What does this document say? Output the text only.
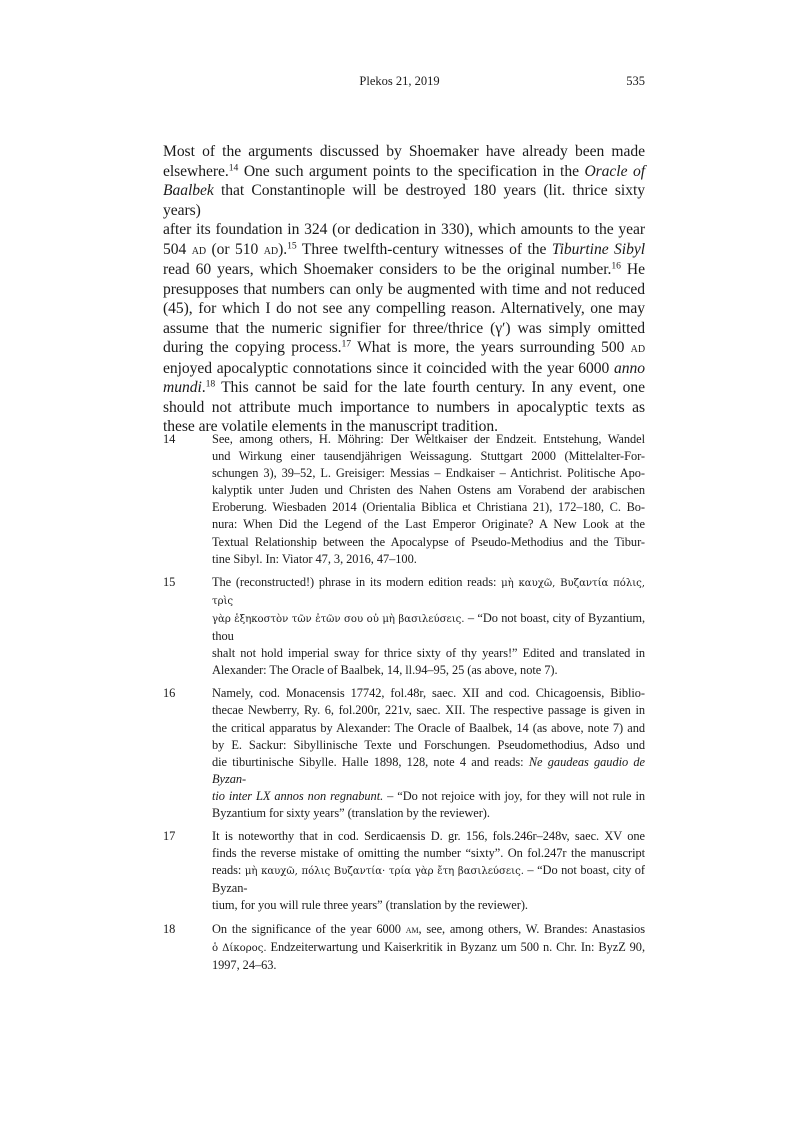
Plekos 21, 2019	535
Most of the arguments discussed by Shoemaker have already been made
elsewhere.$^{14}$ One such argument points to the specification in the Oracle of
Baalbek that Constantinople will be destroyed 180 years (lit. thrice sixty years)
after its foundation in 324 (or dedication in 330), which amounts to the year
504 ad (or 510 ad).$^{15}$ Three twelfth-century witnesses of the Tiburtine Sibyl
read 60 years, which Shoemaker considers to be the original number.$^{16}$ He
presupposes that numbers can only be augmented with time and not reduced
(45), for which I do not see any compelling reason. Alternatively, one may
assume that the numeric signifier for three/thrice (γʹ) was simply omitted
during the copying process.$^{17}$ What is more, the years surrounding 500 ad
enjoyed apocalyptic connotations since it coincided with the year 6000 anno
mundi.$^{18}$ This cannot be said for the late fourth century. In any event, one
should not attribute much importance to numbers in apocalyptic texts as
these are volatile elements in the manuscript tradition.
14	See, among others, H. Möhring: Der Weltkaiser der Endzeit. Entstehung, Wandel
und Wirkung einer tausendjährigen Weissagung. Stuttgart 2000 (Mittelalter-For-
schungen 3), 39–52, L. Greisiger: Messias – Endkaiser – Antichrist. Politische Apo-
kalyptik unter Juden und Christen des Nahen Ostens am Vorabend der arabischen
Eroberung. Wiesbaden 2014 (Orientalia Biblica et Christiana 21), 172–180, C. Bo-
nura: When Did the Legend of the Last Emperor Originate? A New Look at the
Textual Relationship between the Apocalypse of Pseudo-Methodius and the Tibur-
tine Sibyl. In: Viator 47, 3, 2016, 47–100.
15	The (reconstructed!) phrase in its modern edition reads: μὴ καυχῶ, Βυζαντία πόλις, τρὶς
γὰρ ἑξηκοστὸν τῶν ἐτῶν σου οὐ μὴ βασιλεύσεις. – “Do not boast, city of Byzantium, thou
shalt not hold imperial sway for thrice sixty of thy years!” Edited and translated in
Alexander: The Oracle of Baalbek, 14, ll.94–95, 25 (as above, note 7).
16	Namely, cod. Monacensis 17742, fol.48r, saec. XII and cod. Chicagoensis, Biblio-
thecae Newberry, Ry. 6, fol.200r, 221v, saec. XII. The respective passage is given in
the critical apparatus by Alexander: The Oracle of Baalbek, 14 (as above, note 7) and
by E. Sackur: Sibyllinische Texte und Forschungen. Pseudomethodius, Adso und
die tiburtinische Sibylle. Halle 1898, 128, note 4 and reads: Ne gaudeas gaudio de Byzan-
tio inter LX annos non regnabunt. – “Do not rejoice with joy, for they will not rule in
Byzantium for sixty years” (translation by the reviewer).
17	It is noteworthy that in cod. Serdicaensis D. gr. 156, fols.246r–248v, saec. XV one
finds the reverse mistake of omitting the number “sixty”. On fol.247r the manuscript
reads: μὴ καυχῶ, πόλις Βυζαντία· τρία γὰρ ἔτη βασιλεύσεις. – “Do not boast, city of Byzan-
tium, for you will rule three years” (translation by the reviewer).
18	On the significance of the year 6000 am, see, among others, W. Brandes: Anastasios
ὁ Δίκορος. Endzeiterwartung und Kaiserkritik in Byzanz um 500 n. Chr. In: ByzZ 90,
1997, 24–63.
